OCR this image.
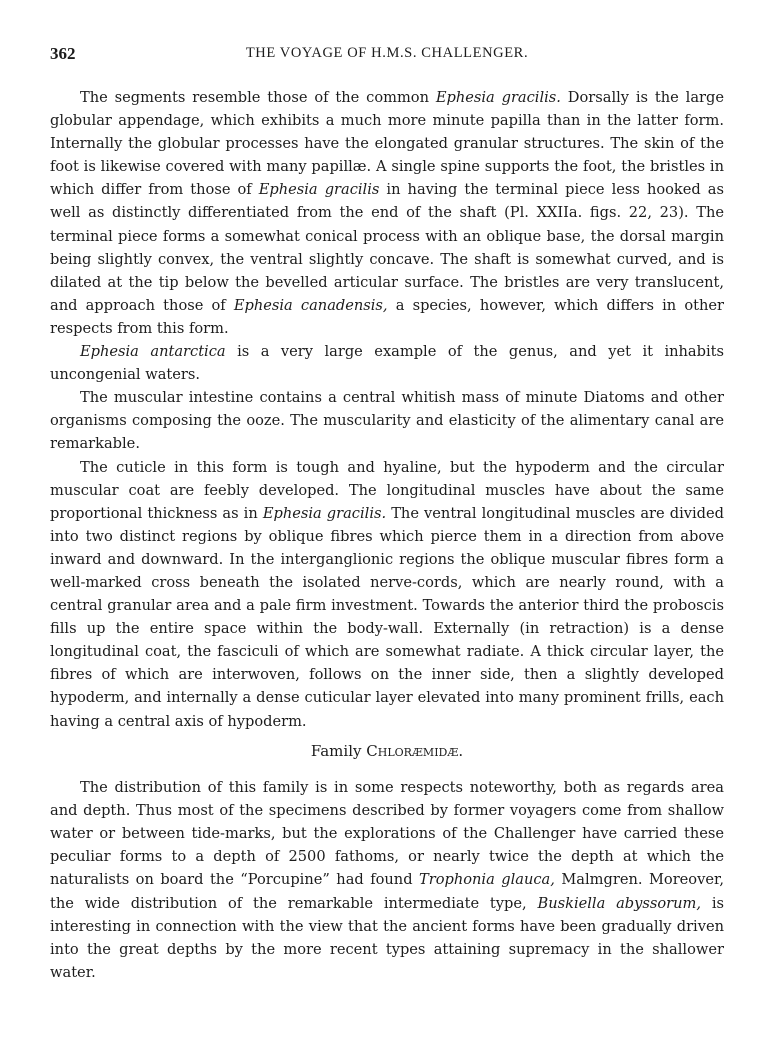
362	THE VOYAGE OF H.M.S. CHALLENGER.

The segments resemble those of the common Ephesia gracilis. Dorsally is the large globular appendage, which exhibits a much more minute papilla than in the latter form. Internally the globular processes have the elongated granular structures. The skin of the foot is likewise covered with many papillæ. A single spine supports the foot, the bristles in which differ from those of Ephesia gracilis in having the terminal piece less hooked as well as distinctly differentiated from the end of the shaft (Pl. XXIIa. figs. 22, 23). The terminal piece forms a somewhat conical process with an oblique base, the dorsal margin being slightly convex, the ventral slightly concave. The shaft is somewhat curved, and is dilated at the tip below the bevelled articular surface. The bristles are very translucent, and approach those of Ephesia canadensis, a species, however, which differs in other respects from this form.

Ephesia antarctica is a very large example of the genus, and yet it inhabits uncongenial waters.

The muscular intestine contains a central whitish mass of minute Diatoms and other organisms composing the ooze. The muscularity and elasticity of the alimentary canal are remarkable.

The cuticle in this form is tough and hyaline, but the hypoderm and the circular muscular coat are feebly developed. The longitudinal muscles have about the same proportional thickness as in Ephesia gracilis. The ventral longitudinal muscles are divided into two distinct regions by oblique fibres which pierce them in a direction from above inward and downward. In the interganglionic regions the oblique muscular fibres form a well-marked cross beneath the isolated nerve-cords, which are nearly round, with a central granular area and a pale firm investment. Towards the anterior third the proboscis fills up the entire space within the body-wall. Externally (in retraction) is a dense longitudinal coat, the fasciculi of which are somewhat radiate. A thick circular layer, the fibres of which are interwoven, follows on the inner side, then a slightly developed hypoderm, and internally a dense cuticular layer elevated into many prominent frills, each having a central axis of hypoderm.

Family Chloræmidæ.

The distribution of this family is in some respects noteworthy, both as regards area and depth. Thus most of the specimens described by former voyagers come from shallow water or between tide-marks, but the explorations of the Challenger have carried these peculiar forms to a depth of 2500 fathoms, or nearly twice the depth at which the naturalists on board the “Porcupine” had found Trophonia glauca, Malmgren. Moreover, the wide distribution of the remarkable intermediate type, Buskiella abyssorum, is interesting in connection with the view that the ancient forms have been gradually driven into the great depths by the more recent types attaining supremacy in the shallower water.
